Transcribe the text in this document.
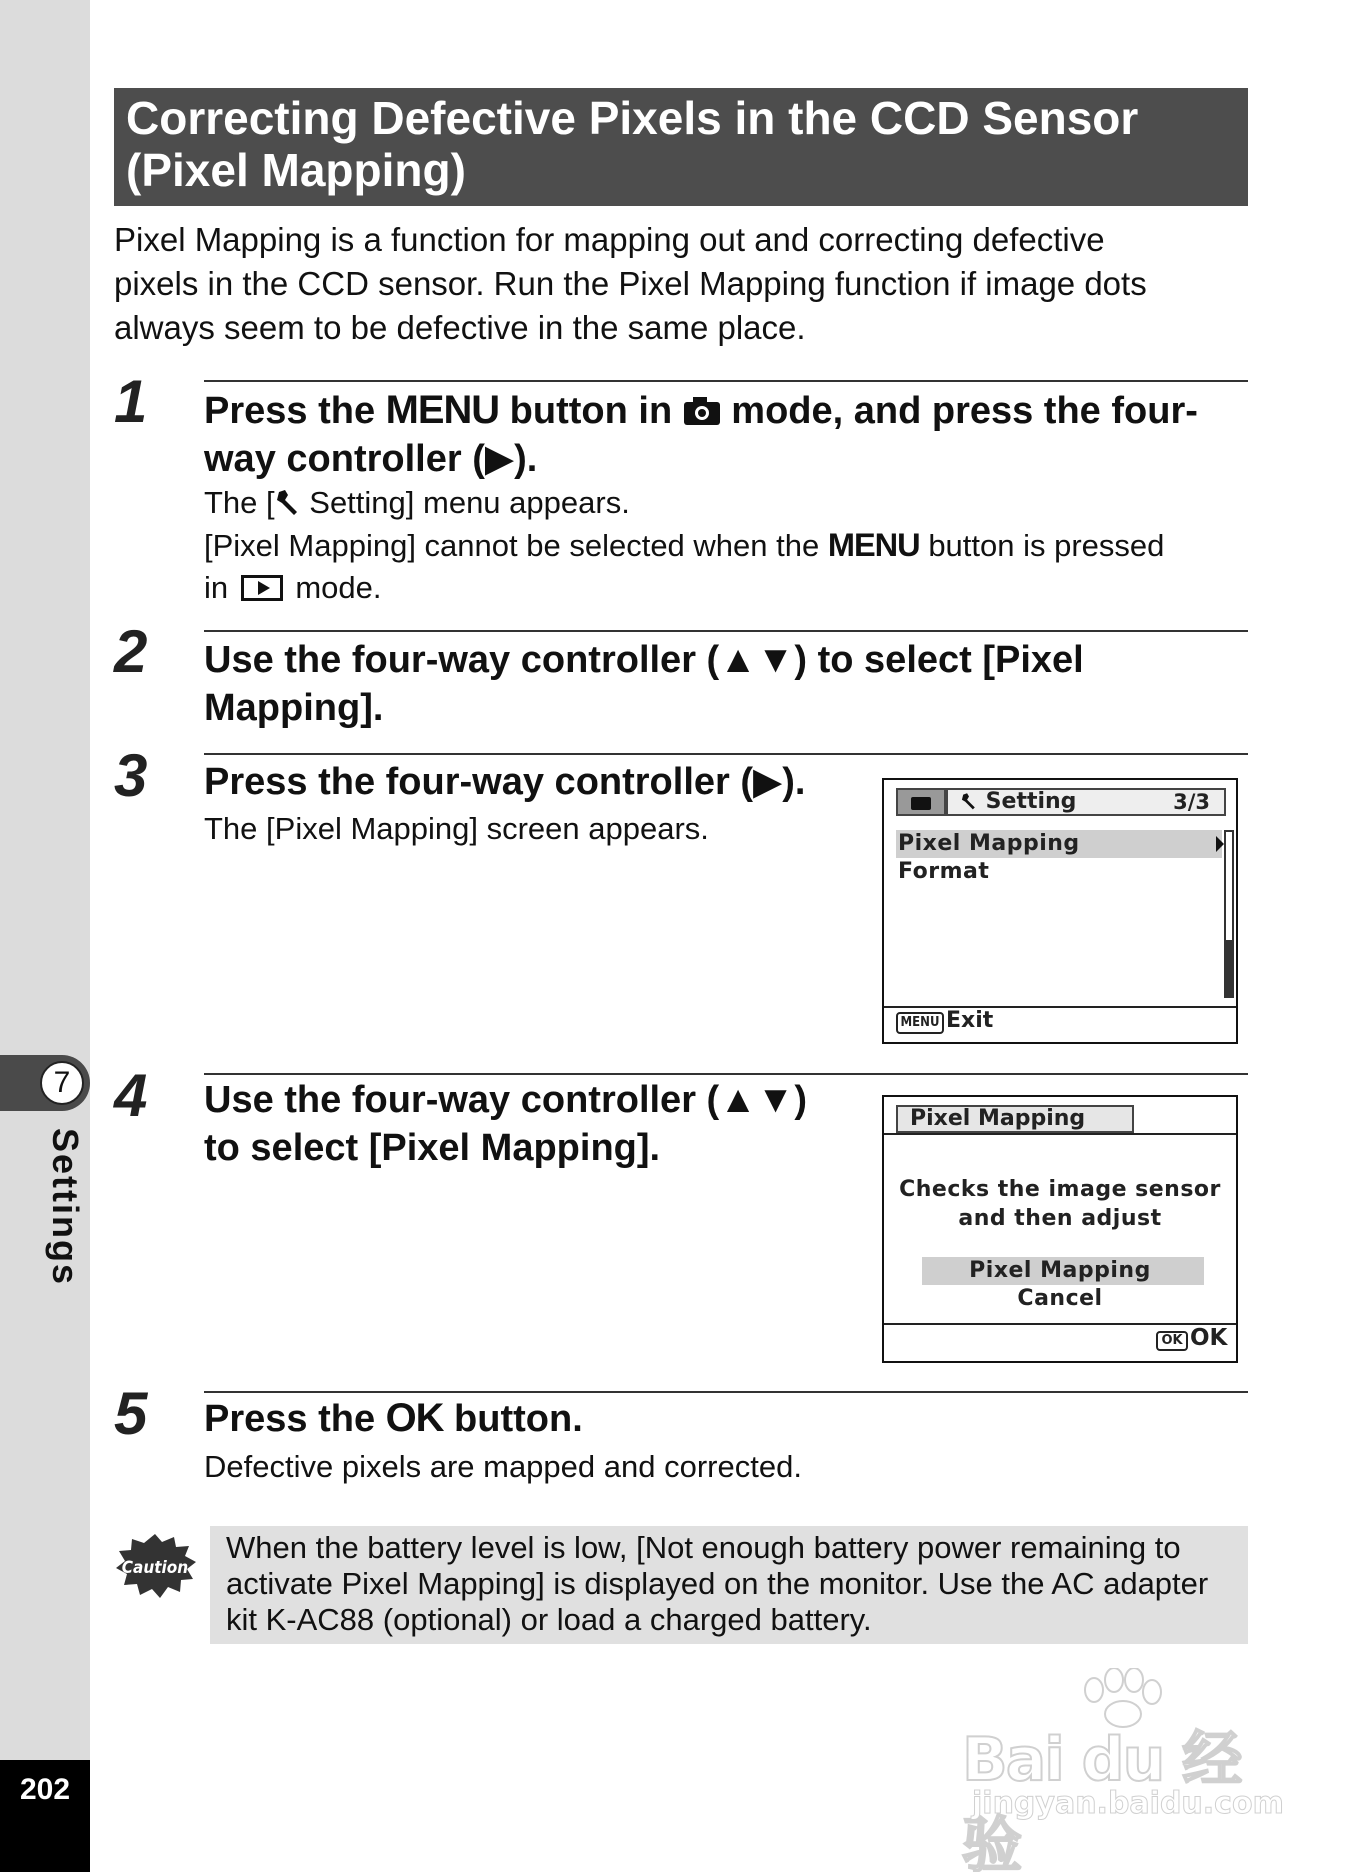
7
Settings
202
Correcting Defective Pixels in the CCD Sensor
(Pixel Mapping)
Pixel Mapping is a function for mapping out and correcting defective
pixels in the CCD sensor. Run the Pixel Mapping function if image dots
always seem to be defective in the same place.
1 Press the MENU button in  mode, and press the four-
way controller (▶).
The [ Setting] menu appears.
[Pixel Mapping] cannot be selected when the MENU button is pressed
in  mode.
2 Use the four-way controller (▲▼) to select [Pixel
Mapping].
3 Press the four-way controller (▶).
The [Pixel Mapping] screen appears.
Setting	3/3
Pixel Mapping
Format
MENU Exit
4 Use the four-way controller (▲▼)
to select [Pixel Mapping].
Pixel Mapping
Checks the image sensor
and then adjust
Pixel Mapping
Cancel
OK OK
5 Press the OK button.
Defective pixels are mapped and corrected.
Caution
When the battery level is low, [Not enough battery power remaining to
activate Pixel Mapping] is displayed on the monitor. Use the AC adapter
kit K-AC88 (optional) or load a charged battery.
Bai du 经验
jingyan.baidu.com
